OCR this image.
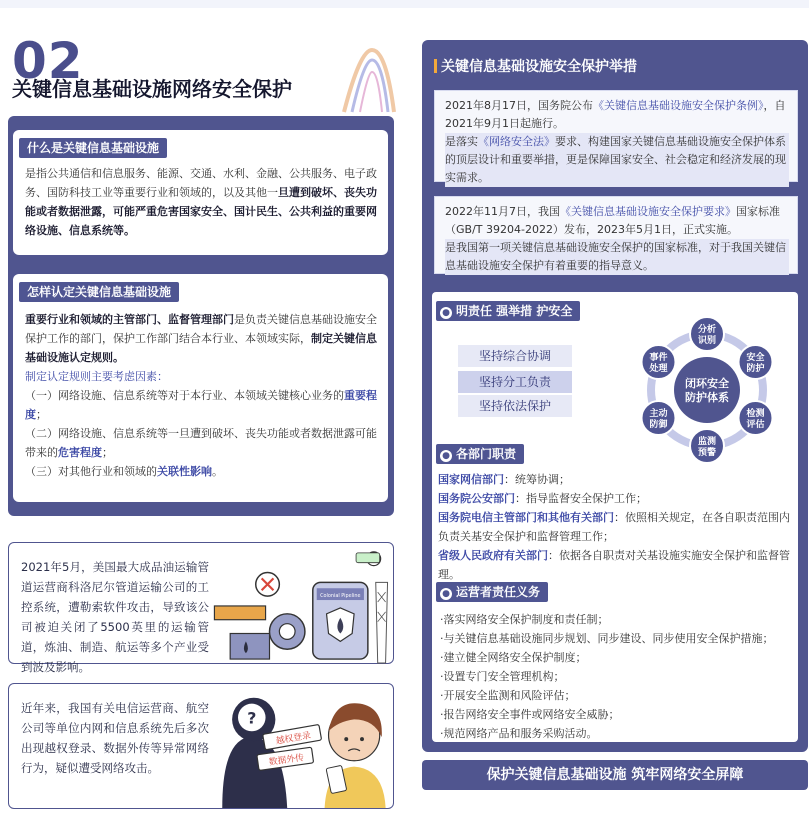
02
关键信息基础设施网络安全保护
什么是关键信息基础设施
是指公共通信和信息服务、能源、交通、水利、金融、公共服务、电子政务、国防科技工业等重要行业和领域的，以及其他一旦遭到破坏、丧失功能或者数据泄露，可能严重危害国家安全、国计民生、公共利益的重要网络设施、信息系统等。
怎样认定关键信息基础设施
重要行业和领域的主管部门、监督管理部门是负责关键信息基础设施安全保护工作的部门，保护工作部门结合本行业、本领域实际，制定关键信息基础设施认定规则。
制定认定规则主要考虑因素：
（一）网络设施、信息系统等对于本行业、本领域关键核心业务的重要程度；
（二）网络设施、信息系统等一旦遭到破坏、丧失功能或者数据泄露可能带来的危害程度；
（三）对其他行业和领域的关联性影响。
2021年5月，美国最大成品油运输管道运营商科洛尼尔管道运输公司的工控系统，遭勒索软件攻击，导致该公司被迫关闭了5500英里的运输管道，炼油、制造、航运等多个产业受到波及影响。
Colonial Pipeline
近年来，我国有关电信运营商、航空公司等单位内网和信息系统先后多次出现越权登录、数据外传等异常网络行为，疑似遭受网络攻击。
?
越权登录
数据外传
关键信息基础设施安全保护举措
2021年8月17日，国务院公布《关键信息基础设施安全保护条例》，自2021年9月1日起施行。
是落实《网络安全法》要求、构建国家关键信息基础设施安全保护体系的顶层设计和重要举措，更是保障国家安全、社会稳定和经济发展的现实需求。
2022年11月7日，我国《关键信息基础设施安全保护要求》国家标准（GB/T 39204-2022）发布，2023年5月1日，正式实施。
是我国第一项关键信息基础设施安全保护的国家标准，对于我国关键信息基础设施安全保护有着重要的指导意义。
● 明责任 强举措 护安全
坚持综合协调
坚持分工负责
坚持依法保护
闭环安全
防护体系
分析
识别
安全
防护
检测
评估
监测
预警
主动
防御
事件
处理
● 各部门职责
国家网信部门：统筹协调；
国务院公安部门：指导监督安全保护工作；
国务院电信主管部门和其他有关部门：依照相关规定，在各自职责范围内负责关基安全保护和监督管理工作；
省级人民政府有关部门：依据各自职责对关基设施实施安全保护和监督管理。
● 运营者责任义务
·落实网络安全保护制度和责任制；
·与关键信息基础设施同步规划、同步建设、同步使用安全保护措施；
·建立健全网络安全保护制度；
·设置专门安全管理机构；
·开展安全监测和风险评估；
·报告网络安全事件或网络安全威胁；
·规范网络产品和服务采购活动。
保护关键信息基础设施 筑牢网络安全屏障
